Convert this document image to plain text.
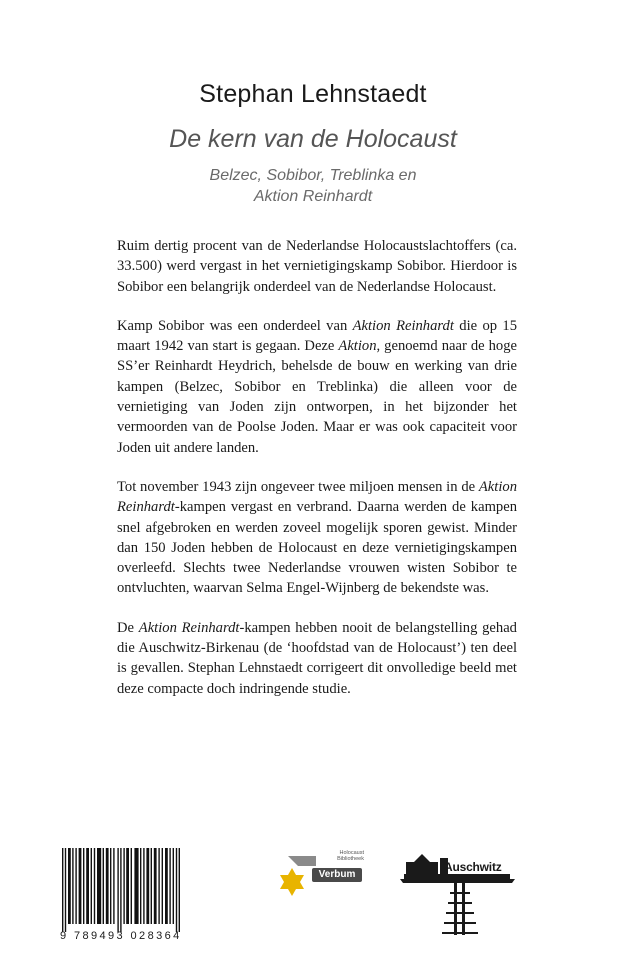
Stephan Lehnstaedt
De kern van de Holocaust
Belzec, Sobibor, Treblinka en
Aktion Reinhardt

Ruim dertig procent van de Nederlandse Holocaustslachtoffers (ca. 33.500) werd vergast in het vernietigingskamp Sobibor. Hierdoor is Sobibor een belangrijk onderdeel van de Nederlandse Holocaust.

Kamp Sobibor was een onderdeel van Aktion Reinhardt die op 15 maart 1942 van start is gegaan. Deze Aktion, genoemd naar de hoge SS’er Reinhardt Heydrich, behelsde de bouw en werking van drie kampen (Belzec, Sobibor en Treblinka) die alleen voor de vernietiging van Joden zijn ontworpen, in het bijzonder het vermoorden van de Poolse Joden. Maar er was ook capaciteit voor Joden uit andere landen.

Tot november 1943 zijn ongeveer twee miljoen mensen in de Aktion Reinhardt-kampen vergast en verbrand. Daarna werden de kampen snel afgebroken en werden zoveel mogelijk sporen gewist. Minder dan 150 Joden hebben de Holocaust en deze vernietigingskampen overleefd. Slechts twee Nederlandse vrouwen wisten Sobibor te ontvluchten, waarvan Selma Engel-Wijnberg de bekendste was.

De Aktion Reinhardt-kampen hebben nooit de belangstelling gehad die Auschwitz-Birkenau (de ‘hoofdstad van de Holocaust’) ten deel is gevallen. Stephan Lehnstaedt corrigeert dit onvolledige beeld met deze compacte doch indringende studie.

9 789493 028364
Holocaust
Bibliotheek
Verbum
Auschwitz
